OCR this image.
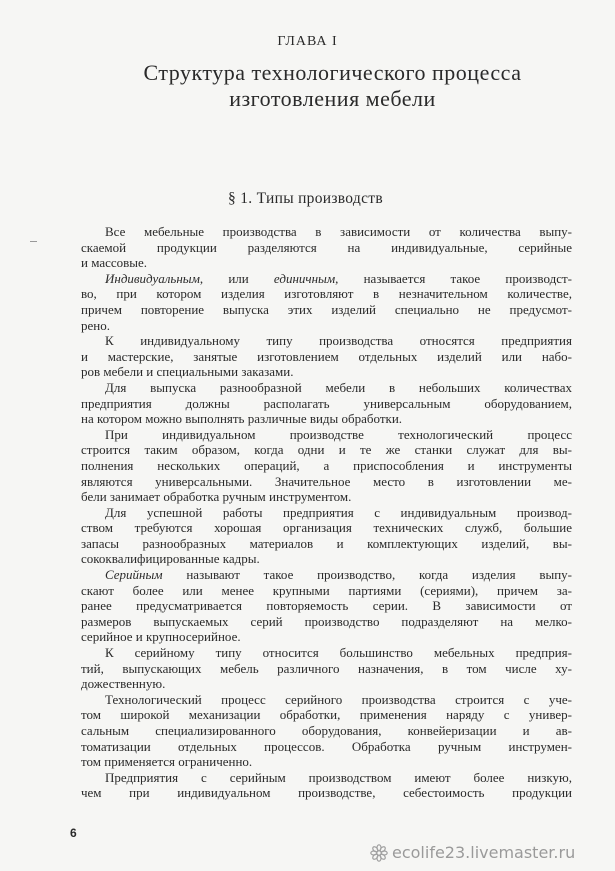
ГЛАВА I
Структура технологического процесса
изготовления мебели
§ 1. Типы производств
Все мебельные производства в зависимости от количества выпу-
скаемой продукции разделяются на индивидуальные, серийные
и массовые.
Индивидуальным, или единичным, называется такое производст-
во, при котором изделия изготовляют в незначительном количестве,
причем повторение выпуска этих изделий специально не предусмот-
рено.
К индивидуальному типу производства относятся предприятия
и мастерские, занятые изготовлением отдельных изделий или набо-
ров мебели и специальными заказами.
Для выпуска разнообразной мебели в небольших количествах
предприятия должны располагать универсальным оборудованием,
на котором можно выполнять различные виды обработки.
При индивидуальном производстве технологический процесс
строится таким образом, когда одни и те же станки служат для вы-
полнения нескольких операций, а приспособления и инструменты
являются универсальными. Значительное место в изготовлении ме-
бели занимает обработка ручным инструментом.
Для успешной работы предприятия с индивидуальным производ-
ством требуются хорошая организация технических служб, большие
запасы разнообразных материалов и комплектующих изделий, вы-
сококвалифицированные кадры.
Серийным называют такое производство, когда изделия выпу-
скают более или менее крупными партиями (сериями), причем за-
ранее предусматривается повторяемость серии. В зависимости от
размеров выпускаемых серий производство подразделяют на мелко-
серийное и крупносерийное.
К серийному типу относится большинство мебельных предприя-
тий, выпускающих мебель различного назначения, в том числе ху-
дожественную.
Технологический процесс серийного производства строится с уче-
том широкой механизации обработки, применения наряду с универ-
сальным специализированного оборудования, конвейеризации и ав-
томатизации отдельных процессов. Обработка ручным инструмен-
том применяется ограниченно.
Предприятия с серийным производством имеют более низкую,
чем при индивидуальном производстве, себестоимость продукции
6
ecolife23.livemaster.ru
